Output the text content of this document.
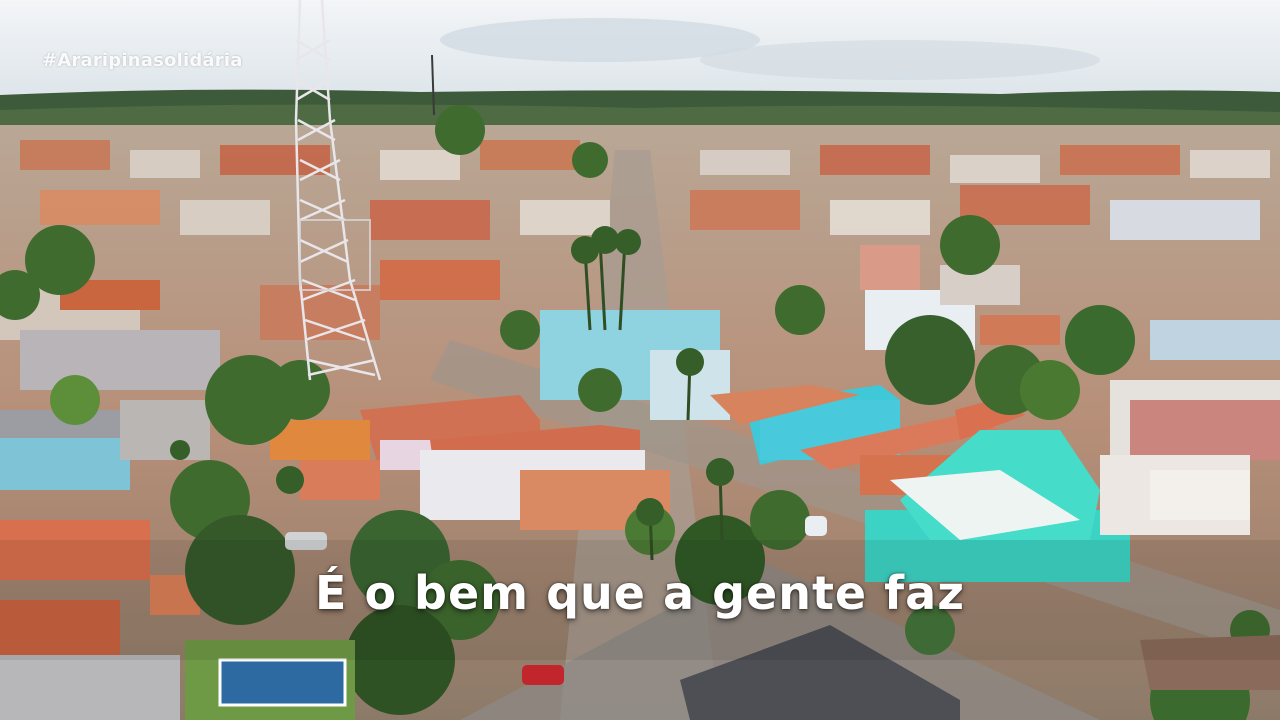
#Araripinasolidária
É o bem que a gente faz
